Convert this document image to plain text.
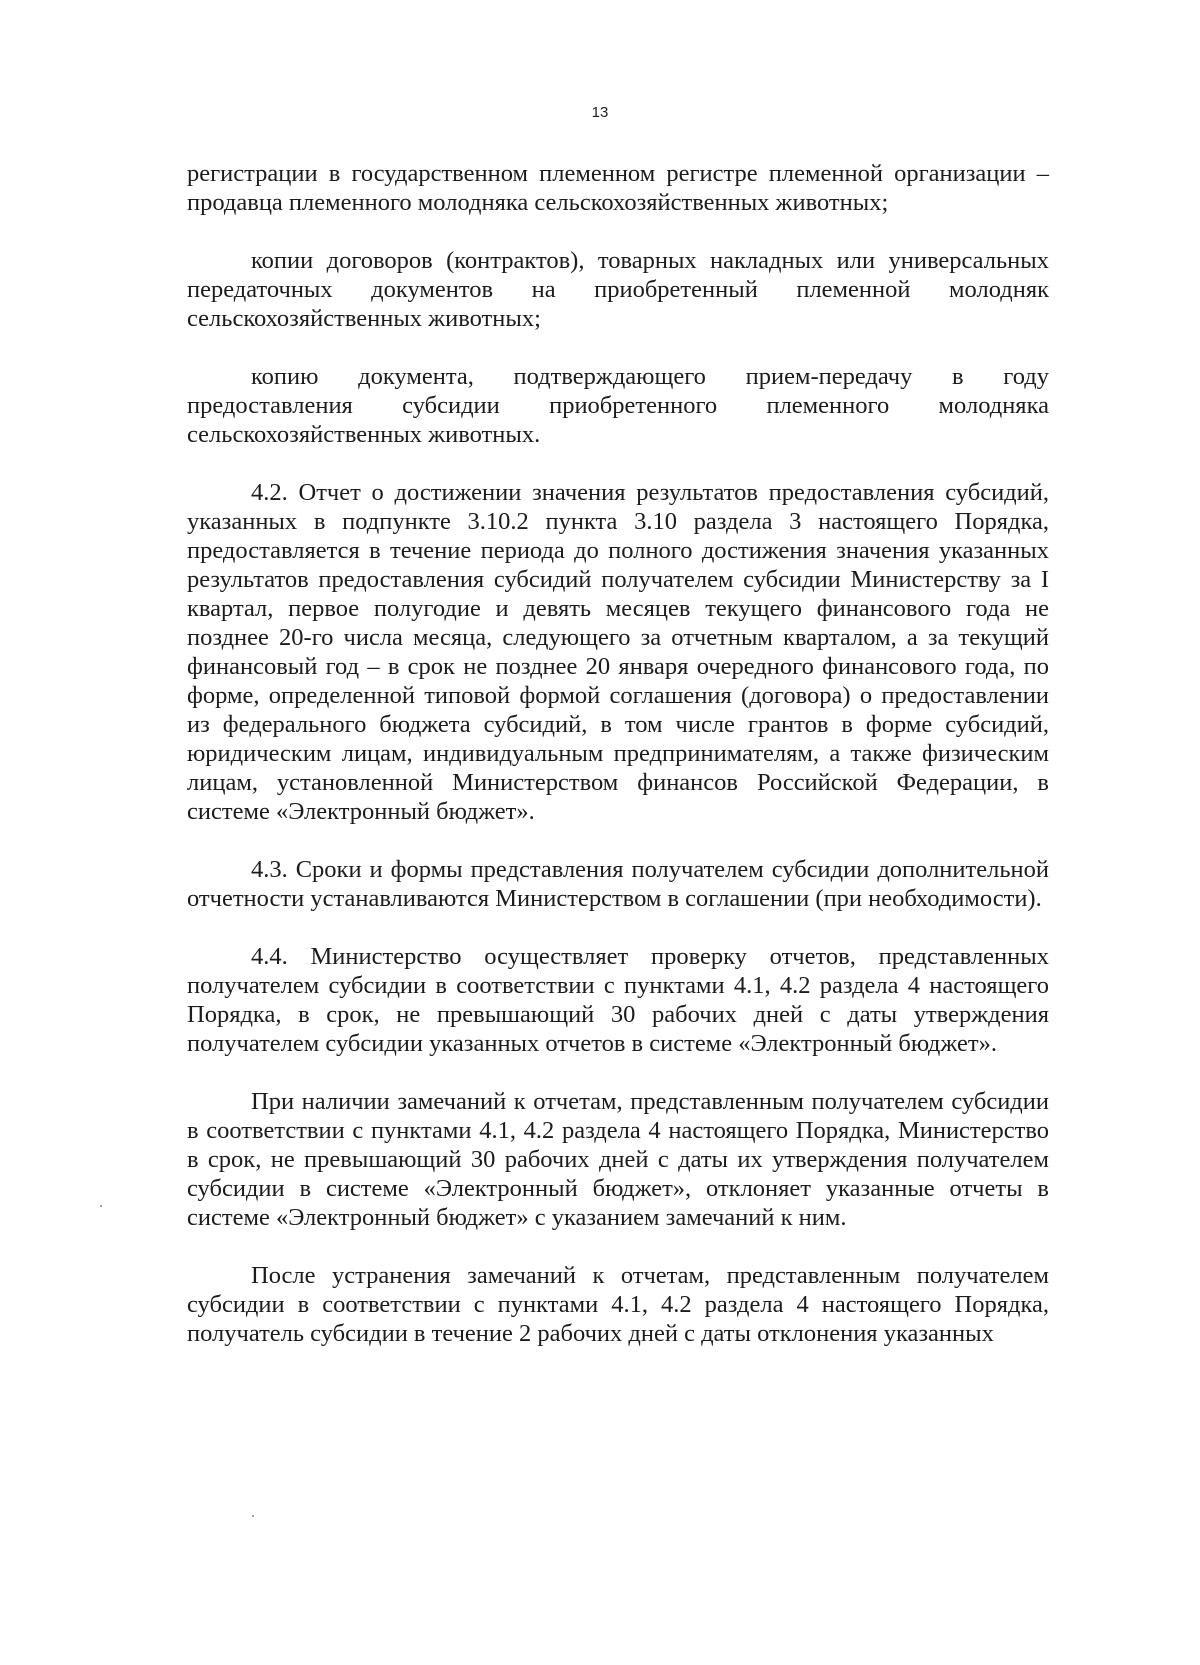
13

регистрации в государственном племенном регистре племенной организации – продавца племенного молодняка сельскохозяйственных животных;

копии договоров (контрактов), товарных накладных или универсальных передаточных документов на приобретенный племенной молодняк сельскохозяйственных животных;

копию документа, подтверждающего прием-передачу в году предоставления субсидии приобретенного племенного молодняка сельскохозяйственных животных.

4.2. Отчет о достижении значения результатов предоставления субсидий, указанных в подпункте 3.10.2 пункта 3.10 раздела 3 настоящего Порядка, предоставляется в течение периода до полного достижения значения указанных результатов предоставления субсидий получателем субсидии Министерству за I квартал, первое полугодие и девять месяцев текущего финансового года не позднее 20-го числа месяца, следующего за отчетным кварталом, а за текущий финансовый год – в срок не позднее 20 января очередного финансового года, по форме, определенной типовой формой соглашения (договора) о предоставлении из федерального бюджета субсидий, в том числе грантов в форме субсидий, юридическим лицам, индивидуальным предпринимателям, а также физическим лицам, установленной Министерством финансов Российской Федерации, в системе «Электронный бюджет».

4.3. Сроки и формы представления получателем субсидии дополнительной отчетности устанавливаются Министерством в соглашении (при необходимости).

4.4. Министерство осуществляет проверку отчетов, представленных получателем субсидии в соответствии с пунктами 4.1, 4.2 раздела 4 настоящего Порядка, в срок, не превышающий 30 рабочих дней с даты утверждения получателем субсидии указанных отчетов в системе «Электронный бюджет».

При наличии замечаний к отчетам, представленным получателем субсидии в соответствии с пунктами 4.1, 4.2 раздела 4 настоящего Порядка, Министерство в срок, не превышающий 30 рабочих дней с даты их утверждения получателем субсидии в системе «Электронный бюджет», отклоняет указанные отчеты в системе «Электронный бюджет» с указанием замечаний к ним.

После устранения замечаний к отчетам, представленным получателем субсидии в соответствии с пунктами 4.1, 4.2 раздела 4 настоящего Порядка, получатель субсидии в течение 2 рабочих дней с даты отклонения указанных
